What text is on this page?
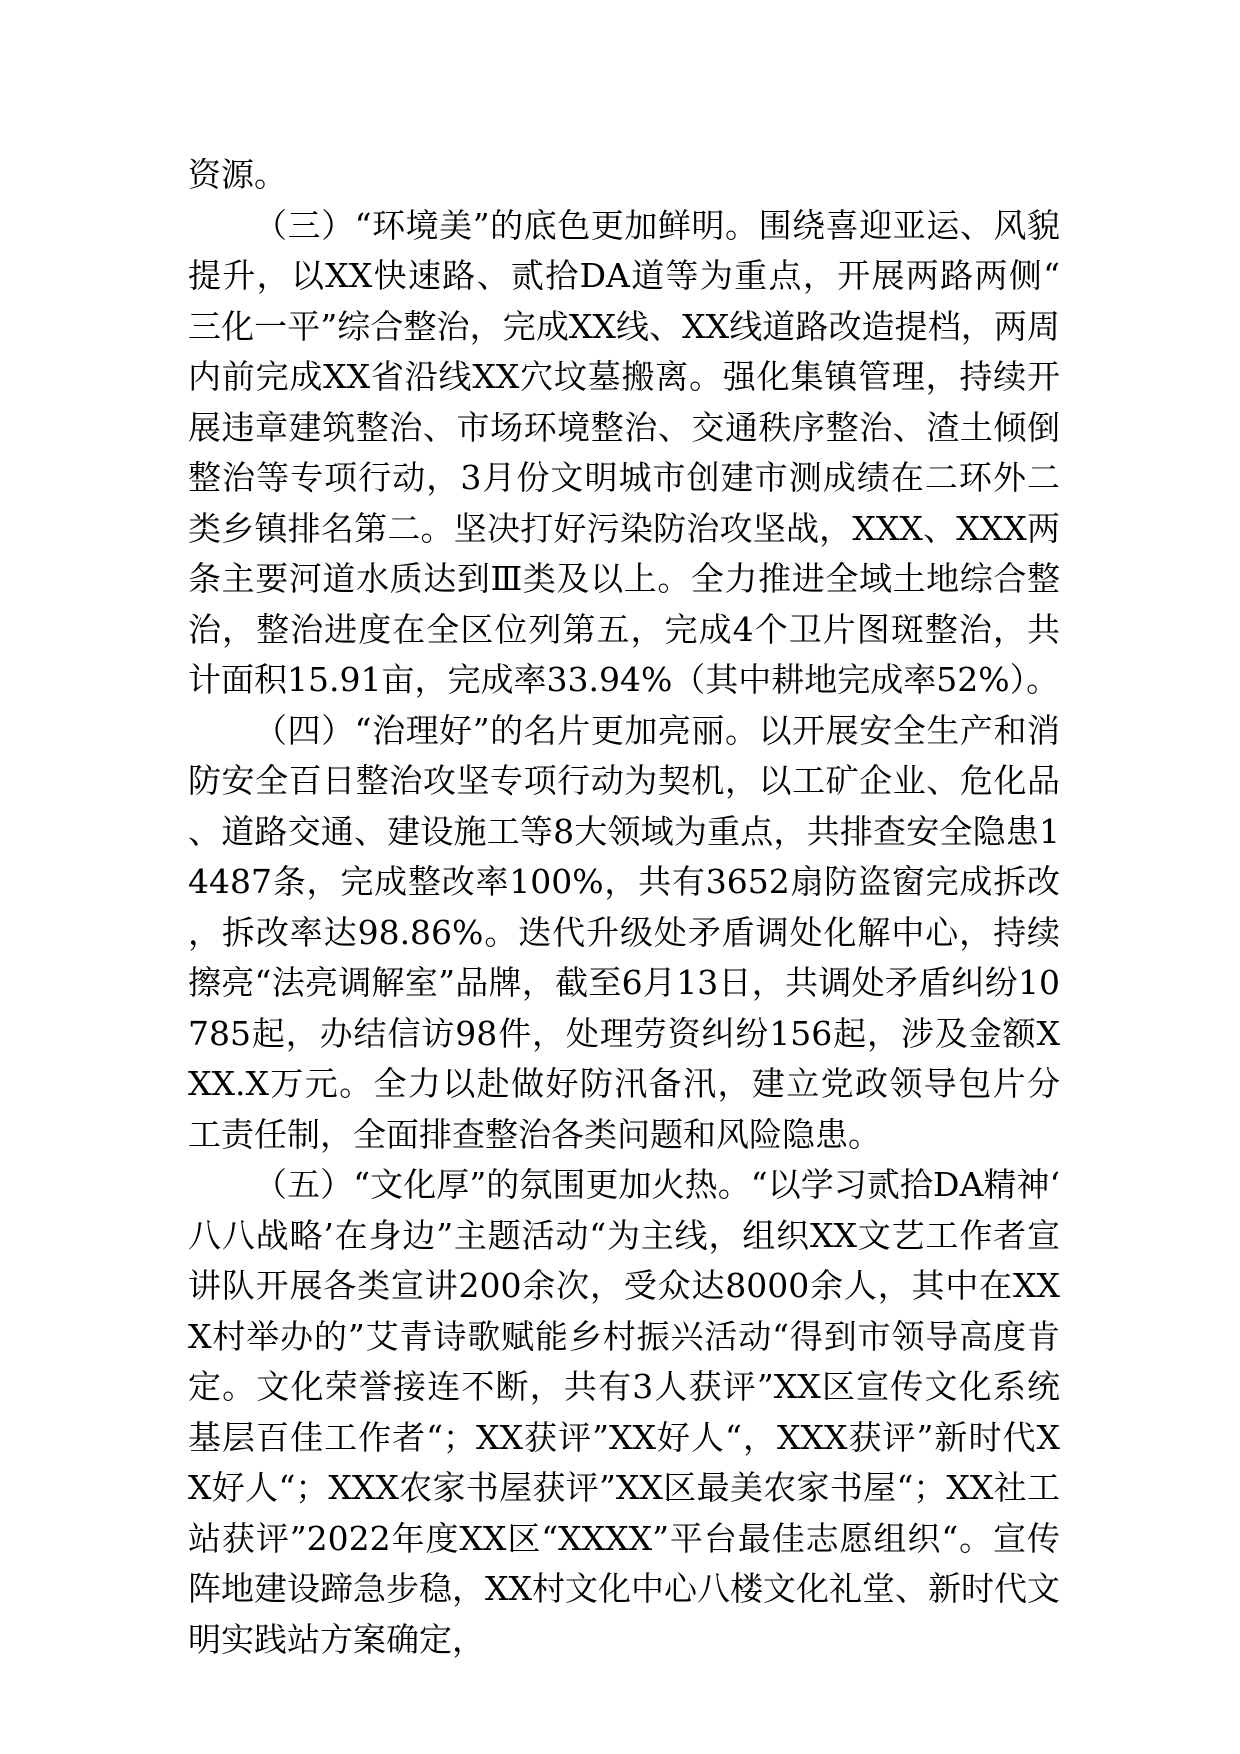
资源。

（三）“环境美”的底色更加鲜明。围绕喜迎亚运、风貌提升，以XX快速路、贰拾DA道等为重点，开展两路两侧“三化一平”综合整治，完成XX线、XX线道路改造提档，两周内前完成XX省沿线XX穴坟墓搬离。强化集镇管理，持续开展违章建筑整治、市场环境整治、交通秩序整治、渣土倾倒整治等专项行动，3月份文明城市创建市测成绩在二环外二类乡镇排名第二。坚决打好污染防治攻坚战，XXX、XXX两条主要河道水质达到Ⅲ类及以上。全力推进全域土地综合整治，整治进度在全区位列第五，完成4个卫片图斑整治，共计面积15.91亩，完成率33.94%（其中耕地完成率52%）。

（四）“治理好”的名片更加亮丽。以开展安全生产和消防安全百日整治攻坚专项行动为契机，以工矿企业、危化品、道路交通、建设施工等8大领域为重点，共排查安全隐患14487条，完成整改率100%，共有3652扇防盗窗完成拆改，拆改率达98.86%。迭代升级处矛盾调处化解中心，持续擦亮“法亮调解室”品牌，截至6月13日，共调处矛盾纠纷10785起，办结信访98件，处理劳资纠纷156起，涉及金额XXX.X万元。全力以赴做好防汛备汛，建立党政领导包片分工责任制，全面排查整治各类问题和风险隐患。

（五）“文化厚”的氛围更加火热。“以学习贰拾DA精神‘八八战略’在身边”主题活动“为主线，组织XX文艺工作者宣讲队开展各类宣讲200余次，受众达8000余人，其中在XXX村举办的”艾青诗歌赋能乡村振兴活动“得到市领导高度肯定。文化荣誉接连不断，共有3人获评”XX区宣传文化系统基层百佳工作者“；XX获评”XX好人“，XXX获评”新时代XX好人“；XXX农家书屋获评”XX区最美农家书屋“；XX社工站获评”2022年度XX区“XXXX”平台最佳志愿组织“。宣传阵地建设蹄急步稳，XX村文化中心八楼文化礼堂、新时代文明实践站方案确定，
